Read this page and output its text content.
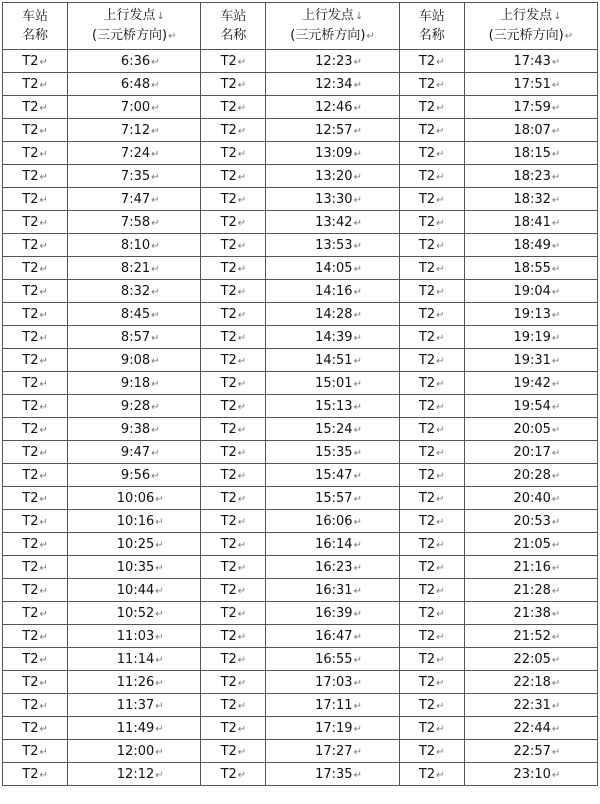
车站
名称	上行发点↓
(三元桥方向)↵	车站
名称	上行发点↓
(三元桥方向)↵	车站
名称	上行发点↓
(三元桥方向)↵
T2↵	6:36↵	T2↵	12:23↵	T2↵	17:43↵
T2↵	6:48↵	T2↵	12:34↵	T2↵	17:51↵
T2↵	7:00↵	T2↵	12:46↵	T2↵	17:59↵
T2↵	7:12↵	T2↵	12:57↵	T2↵	18:07↵
T2↵	7:24↵	T2↵	13:09↵	T2↵	18:15↵
T2↵	7:35↵	T2↵	13:20↵	T2↵	18:23↵
T2↵	7:47↵	T2↵	13:30↵	T2↵	18:32↵
T2↵	7:58↵	T2↵	13:42↵	T2↵	18:41↵
T2↵	8:10↵	T2↵	13:53↵	T2↵	18:49↵
T2↵	8:21↵	T2↵	14:05↵	T2↵	18:55↵
T2↵	8:32↵	T2↵	14:16↵	T2↵	19:04↵
T2↵	8:45↵	T2↵	14:28↵	T2↵	19:13↵
T2↵	8:57↵	T2↵	14:39↵	T2↵	19:19↵
T2↵	9:08↵	T2↵	14:51↵	T2↵	19:31↵
T2↵	9:18↵	T2↵	15:01↵	T2↵	19:42↵
T2↵	9:28↵	T2↵	15:13↵	T2↵	19:54↵
T2↵	9:38↵	T2↵	15:24↵	T2↵	20:05↵
T2↵	9:47↵	T2↵	15:35↵	T2↵	20:17↵
T2↵	9:56↵	T2↵	15:47↵	T2↵	20:28↵
T2↵	10:06↵	T2↵	15:57↵	T2↵	20:40↵
T2↵	10:16↵	T2↵	16:06↵	T2↵	20:53↵
T2↵	10:25↵	T2↵	16:14↵	T2↵	21:05↵
T2↵	10:35↵	T2↵	16:23↵	T2↵	21:16↵
T2↵	10:44↵	T2↵	16:31↵	T2↵	21:28↵
T2↵	10:52↵	T2↵	16:39↵	T2↵	21:38↵
T2↵	11:03↵	T2↵	16:47↵	T2↵	21:52↵
T2↵	11:14↵	T2↵	16:55↵	T2↵	22:05↵
T2↵	11:26↵	T2↵	17:03↵	T2↵	22:18↵
T2↵	11:37↵	T2↵	17:11↵	T2↵	22:31↵
T2↵	11:49↵	T2↵	17:19↵	T2↵	22:44↵
T2↵	12:00↵	T2↵	17:27↵	T2↵	22:57↵
T2↵	12:12↵	T2↵	17:35↵	T2↵	23:10↵
